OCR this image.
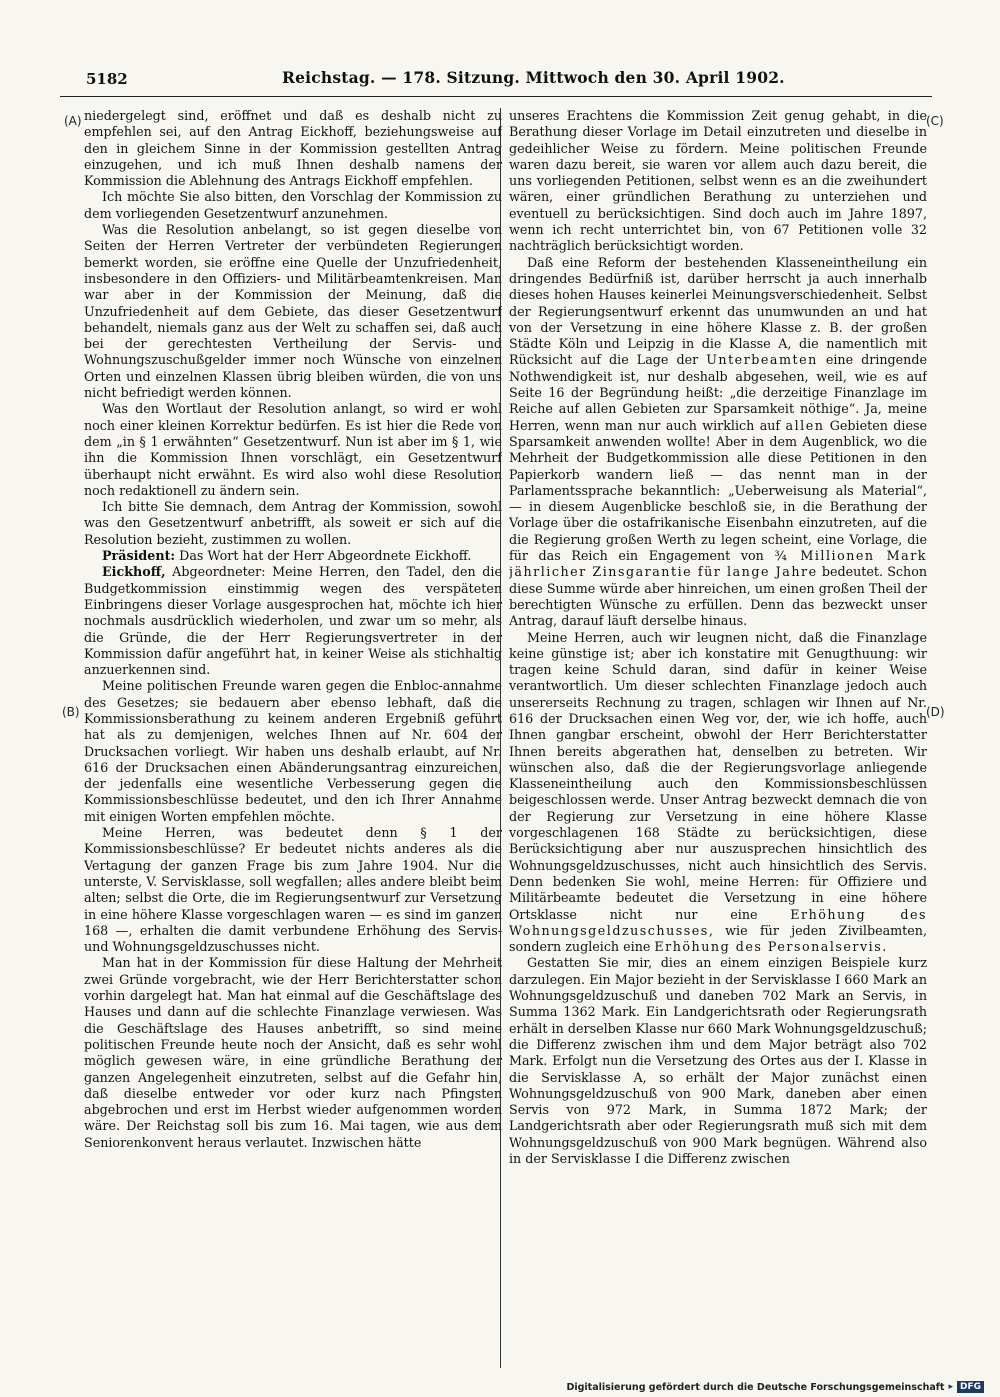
5182	Reichstag. — 178. Sitzung. Mittwoch den 30. April 1902.
(A)
(B)
(C)
(D)

niedergelegt sind, eröffnet und daß es deshalb nicht zu empfehlen sei, auf den Antrag Eickhoff, beziehungsweise auf den in gleichem Sinne in der Kommission gestellten Antrag einzugehen, und ich muß Ihnen deshalb namens der Kommission die Ablehnung des Antrags Eickhoff empfehlen.

Ich möchte Sie also bitten, den Vorschlag der Kommission zu dem vorliegenden Gesetzentwurf anzunehmen.

Was die Resolution anbelangt, so ist gegen dieselbe von Seiten der Herren Vertreter der verbündeten Regierungen bemerkt worden, sie eröffne eine Quelle der Unzufriedenheit, insbesondere in den Offiziers- und Militärbeamtenkreisen. Man war aber in der Kommission der Meinung, daß die Unzufriedenheit auf dem Gebiete, das dieser Gesetzentwurf behandelt, niemals ganz aus der Welt zu schaffen sei, daß auch bei der gerechtesten Vertheilung der Servis- und Wohnungszuschußgelder immer noch Wünsche von einzelnen Orten und einzelnen Klassen übrig bleiben würden, die von uns nicht befriedigt werden können.

Was den Wortlaut der Resolution anlangt, so wird er wohl noch einer kleinen Korrektur bedürfen. Es ist hier die Rede von dem „in § 1 erwähnten“ Gesetzentwurf. Nun ist aber im § 1, wie ihn die Kommission Ihnen vorschlägt, ein Gesetzentwurf überhaupt nicht erwähnt. Es wird also wohl diese Resolution noch redaktionell zu ändern sein.

Ich bitte Sie demnach, dem Antrag der Kommission, sowohl was den Gesetzentwurf anbetrifft, als soweit er sich auf die Resolution bezieht, zustimmen zu wollen.

Präsident: Das Wort hat der Herr Abgeordnete Eickhoff.

Eickhoff, Abgeordneter: Meine Herren, den Tadel, den die Budgetkommission einstimmig wegen des verspäteten Einbringens dieser Vorlage ausgesprochen hat, möchte ich hier nochmals ausdrücklich wiederholen, und zwar um so mehr, als die Gründe, die der Herr Regierungsvertreter in der Kommission dafür angeführt hat, in keiner Weise als stichhaltig anzuerkennen sind.

Meine politischen Freunde waren gegen die Enbloc-annahme des Gesetzes; sie bedauern aber ebenso lebhaft, daß die Kommissionsberathung zu keinem anderen Ergebniß geführt hat als zu demjenigen, welches Ihnen auf Nr. 604 der Drucksachen vorliegt. Wir haben uns deshalb erlaubt, auf Nr. 616 der Drucksachen einen Abänderungsantrag einzureichen, der jedenfalls eine wesentliche Verbesserung gegen die Kommissionsbeschlüsse bedeutet, und den ich Ihrer Annahme mit einigen Worten empfehlen möchte.

Meine Herren, was bedeutet denn § 1 der Kommissionsbeschlüsse? Er bedeutet nichts anderes als die Vertagung der ganzen Frage bis zum Jahre 1904. Nur die unterste, V. Servisklasse, soll wegfallen; alles andere bleibt beim alten; selbst die Orte, die im Regierungsentwurf zur Versetzung in eine höhere Klasse vorgeschlagen waren — es sind im ganzen 168 —, erhalten die damit verbundene Erhöhung des Servis- und Wohnungsgeldzuschusses nicht.

Man hat in der Kommission für diese Haltung der Mehrheit zwei Gründe vorgebracht, wie der Herr Berichterstatter schon vorhin dargelegt hat. Man hat einmal auf die Geschäftslage des Hauses und dann auf die schlechte Finanzlage verwiesen. Was die Geschäftslage des Hauses anbetrifft, so sind meine politischen Freunde heute noch der Ansicht, daß es sehr wohl möglich gewesen wäre, in eine gründliche Berathung der ganzen Angelegenheit einzutreten, selbst auf die Gefahr hin, daß dieselbe entweder vor oder kurz nach Pfingsten abgebrochen und erst im Herbst wieder aufgenommen worden wäre. Der Reichstag soll bis zum 16. Mai tagen, wie aus dem Seniorenkonvent heraus verlautet. Inzwischen hätte

unseres Erachtens die Kommission Zeit genug gehabt, in die Berathung dieser Vorlage im Detail einzutreten und dieselbe in gedeihlicher Weise zu fördern. Meine politischen Freunde waren dazu bereit, sie waren vor allem auch dazu bereit, die uns vorliegenden Petitionen, selbst wenn es an die zweihundert wären, einer gründlichen Berathung zu unterziehen und eventuell zu berücksichtigen. Sind doch auch im Jahre 1897, wenn ich recht unterrichtet bin, von 67 Petitionen volle 32 nachträglich berücksichtigt worden.

Daß eine Reform der bestehenden Klasseneintheilung ein dringendes Bedürfniß ist, darüber herrscht ja auch innerhalb dieses hohen Hauses keinerlei Meinungsverschiedenheit. Selbst der Regierungsentwurf erkennt das unumwunden an und hat von der Versetzung in eine höhere Klasse z. B. der großen Städte Köln und Leipzig in die Klasse A, die namentlich mit Rücksicht auf die Lage der Unterbeamten eine dringende Nothwendigkeit ist, nur deshalb abgesehen, weil, wie es auf Seite 16 der Begründung heißt: „die derzeitige Finanzlage im Reiche auf allen Gebieten zur Sparsamkeit nöthige“. Ja, meine Herren, wenn man nur auch wirklich auf allen Gebieten diese Sparsamkeit anwenden wollte! Aber in dem Augenblick, wo die Mehrheit der Budgetkommission alle diese Petitionen in den Papierkorb wandern ließ — das nennt man in der Parlamentssprache bekanntlich: „Ueberweisung als Material“, — in diesem Augenblicke beschloß sie, in die Berathung der Vorlage über die ostafrikanische Eisenbahn einzutreten, auf die die Regierung großen Werth zu legen scheint, eine Vorlage, die für das Reich ein Engagement von ¾ Millionen Mark jährlicher Zinsgarantie für lange Jahre bedeutet. Schon diese Summe würde aber hinreichen, um einen großen Theil der berechtigten Wünsche zu erfüllen. Denn das bezweckt unser Antrag, darauf läuft derselbe hinaus.

Meine Herren, auch wir leugnen nicht, daß die Finanzlage keine günstige ist; aber ich konstatire mit Genugthuung: wir tragen keine Schuld daran, sind dafür in keiner Weise verantwortlich. Um dieser schlechten Finanzlage jedoch auch unsererseits Rechnung zu tragen, schlagen wir Ihnen auf Nr. 616 der Drucksachen einen Weg vor, der, wie ich hoffe, auch Ihnen gangbar erscheint, obwohl der Herr Berichterstatter Ihnen bereits abgerathen hat, denselben zu betreten. Wir wünschen also, daß die der Regierungsvorlage anliegende Klasseneintheilung auch den Kommissionsbeschlüssen beigeschlossen werde. Unser Antrag bezweckt demnach die von der Regierung zur Versetzung in eine höhere Klasse vorgeschlagenen 168 Städte zu berücksichtigen, diese Berücksichtigung aber nur auszusprechen hinsichtlich des Wohnungsgeldzuschusses, nicht auch hinsichtlich des Servis. Denn bedenken Sie wohl, meine Herren: für Offiziere und Militärbeamte bedeutet die Versetzung in eine höhere Ortsklasse nicht nur eine Erhöhung des Wohnungsgeldzuschusses, wie für jeden Zivilbeamten, sondern zugleich eine Erhöhung des Personalservis.

Gestatten Sie mir, dies an einem einzigen Beispiele kurz darzulegen. Ein Major bezieht in der Servisklasse I 660 Mark an Wohnungsgeldzuschuß und daneben 702 Mark an Servis, in Summa 1362 Mark. Ein Landgerichtsrath oder Regierungsrath erhält in derselben Klasse nur 660 Mark Wohnungsgeldzuschuß; die Differenz zwischen ihm und dem Major beträgt also 702 Mark. Erfolgt nun die Versetzung des Ortes aus der I. Klasse in die Servisklasse A, so erhält der Major zunächst einen Wohnungsgeldzuschuß von 900 Mark, daneben aber einen Servis von 972 Mark, in Summa 1872 Mark; der Landgerichtsrath aber oder Regierungsrath muß sich mit dem Wohnungsgeldzuschuß von 900 Mark begnügen. Während also in der Servisklasse I die Differenz zwischen

Digitalisierung gefördert durch die Deutsche Forschungsgemeinschaft ▸ DFG
